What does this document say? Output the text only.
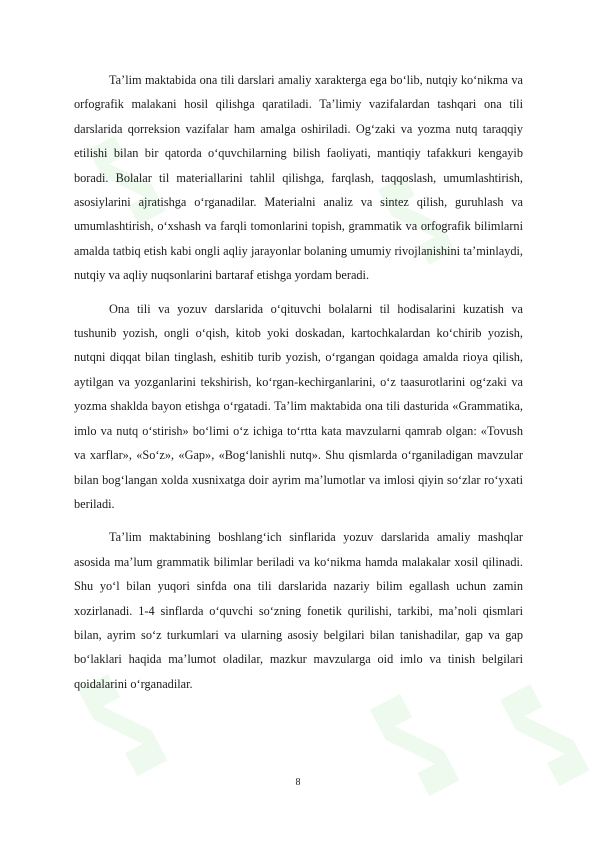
Ta’lim maktabida ona tili darslari amaliy xarakterga ega bo‘lib, nutqiy ko‘nikma va orfografik malakani hosil qilishga qaratiladi. Ta’limiy vazifalardan tashqari ona tili darslarida qorreksion vazifalar ham amalga oshiriladi. Og‘zaki va yozma nutq taraqqiy etilishi bilan bir qatorda o‘quvchilarning bilish faoliyati, mantiqiy tafakkuri kengayib boradi. Bolalar til materiallarini tahlil qilishga, farqlash, taqqoslash, umumlashtirish, asosiylarini ajratishga o‘rganadilar. Materialni analiz va sintez qilish, guruhlash va umumlashtirish, o‘xshash va farqli tomonlarini topish, grammatik va orfografik bilimlarni amalda tatbiq etish kabi ongli aqliy jarayonlar bolaning umumiy rivojlanishini ta’minlaydi, nutqiy va aqliy nuqsonlarini bartaraf etishga yordam beradi.

Ona tili va yozuv darslarida o‘qituvchi bolalarni til hodisalarini kuzatish va tushunib yozish, ongli o‘qish, kitob yoki doskadan, kartochkalardan ko‘chirib yozish, nutqni diqqat bilan tinglash, eshitib turib yozish, o‘rgangan qoidaga amalda rioya qilish, aytilgan va yozganlarini tekshirish, ko‘rgan-kechirganlarini, o‘z taasurotlarini og‘zaki va yozma shaklda bayon etishga o‘rgatadi. Ta’lim maktabida ona tili dasturida «Grammatika, imlo va nutq o‘stirish» bo‘limi o‘z ichiga to‘rtta kata mavzularni qamrab olgan: «Tovush va xarflar», «So‘z», «Gap», «Bog‘lanishli nutq». Shu qismlarda o‘rganiladigan mavzular bilan bog‘langan xolda xusnixatga doir ayrim ma’lumotlar va imlosi qiyin so‘zlar ro‘yxati beriladi.

Ta’lim maktabining boshlang‘ich sinflarida yozuv darslarida amaliy mashqlar asosida ma’lum grammatik bilimlar beriladi va ko‘nikma hamda malakalar xosil qilinadi. Shu yo‘l bilan yuqori sinfda ona tili darslarida nazariy bilim egallash uchun zamin xozirlanadi. 1-4 sinflarda o‘quvchi so‘zning fonetik qurilishi, tarkibi, ma’noli qismlari bilan, ayrim so‘z turkumlari va ularning asosiy belgilari bilan tanishadilar, gap va gap bo‘laklari haqida ma’lumot oladilar, mazkur mavzularga oid imlo va tinish belgilari qoidalarini o‘rganadilar.

8
